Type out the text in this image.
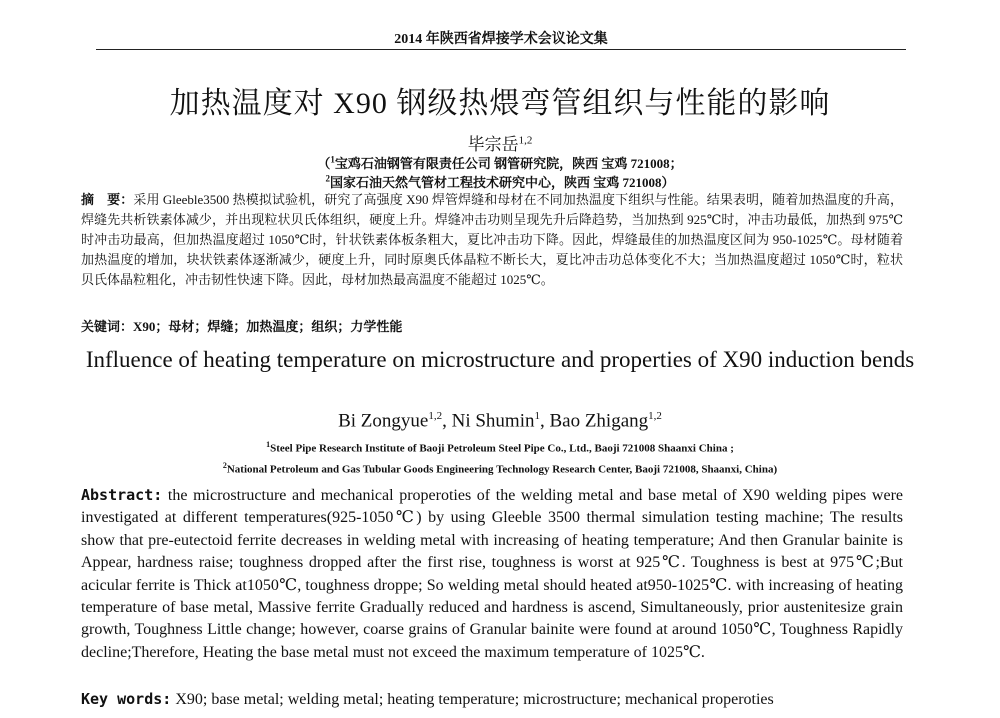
2014 年陕西省焊接学术会议论文集
加热温度对 X90 钢级热煨弯管组织与性能的影响
毕宗岳$^{1,2}$
（$^1$宝鸡石油钢管有限责任公司 钢管研究院，陕西 宝鸡 721008；
$^2$国家石油天然气管材工程技术研究中心，陕西 宝鸡 721008）
摘　要：采用 Gleeble3500 热模拟试验机，研究了高强度 X90 焊管焊缝和母材在不同加热温度下组织与性能。结果表明，随着加热温度的升高，焊缝先共析铁素体减少，并出现粒状贝氏体组织，硬度上升。焊缝冲击功则呈现先升后降趋势，当加热到 925℃时，冲击功最低，加热到 975℃时冲击功最高，但加热温度超过 1050℃时，针状铁素体板条粗大，夏比冲击功下降。因此，焊缝最佳的加热温度区间为 950-1025℃。母材随着加热温度的增加，块状铁素体逐渐减少，硬度上升，同时原奥氏体晶粒不断长大，夏比冲击功总体变化不大；当加热温度超过 1050℃时，粒状贝氏体晶粒粗化，冲击韧性快速下降。因此，母材加热最高温度不能超过 1025℃。
关键词：X90；母材；焊缝；加热温度；组织；力学性能
Influence of heating temperature on microstructure and properties of X90 induction bends
Bi Zongyue$^{1,2}$, Ni Shumin$^1$, Bao Zhigang$^{1,2}$
$^1$Steel Pipe Research Institute of Baoji Petroleum Steel Pipe Co., Ltd., Baoji 721008 Shaanxi China ;
$^2$National Petroleum and Gas Tubular Goods Engineering Technology Research Center, Baoji 721008, Shaanxi, China)
Abstract: the microstructure and mechanical properoties of the welding metal and base metal of X90 welding pipes were investigated at different temperatures(925-1050℃) by using Gleeble 3500 thermal simulation testing machine; The results show that pre-eutectoid ferrite decreases in welding metal with increasing of heating temperature; And then Granular bainite is Appear, hardness raise; toughness dropped after the first rise, toughness is worst at 925℃. Toughness is best at 975℃;But acicular ferrite is Thick at1050℃, toughness droppe; So welding metal should heated at950-1025℃. with increasing of heating temperature of base metal, Massive ferrite Gradually reduced and hardness is ascend, Simultaneously, prior austenitesize grain growth, Toughness Little change; however, coarse grains of Granular bainite were found at around 1050℃, Toughness Rapidly decline;Therefore, Heating the base metal must not exceed the maximum temperature of 1025℃.
Key words: X90; base metal; welding metal; heating temperature; microstructure; mechanical properoties
